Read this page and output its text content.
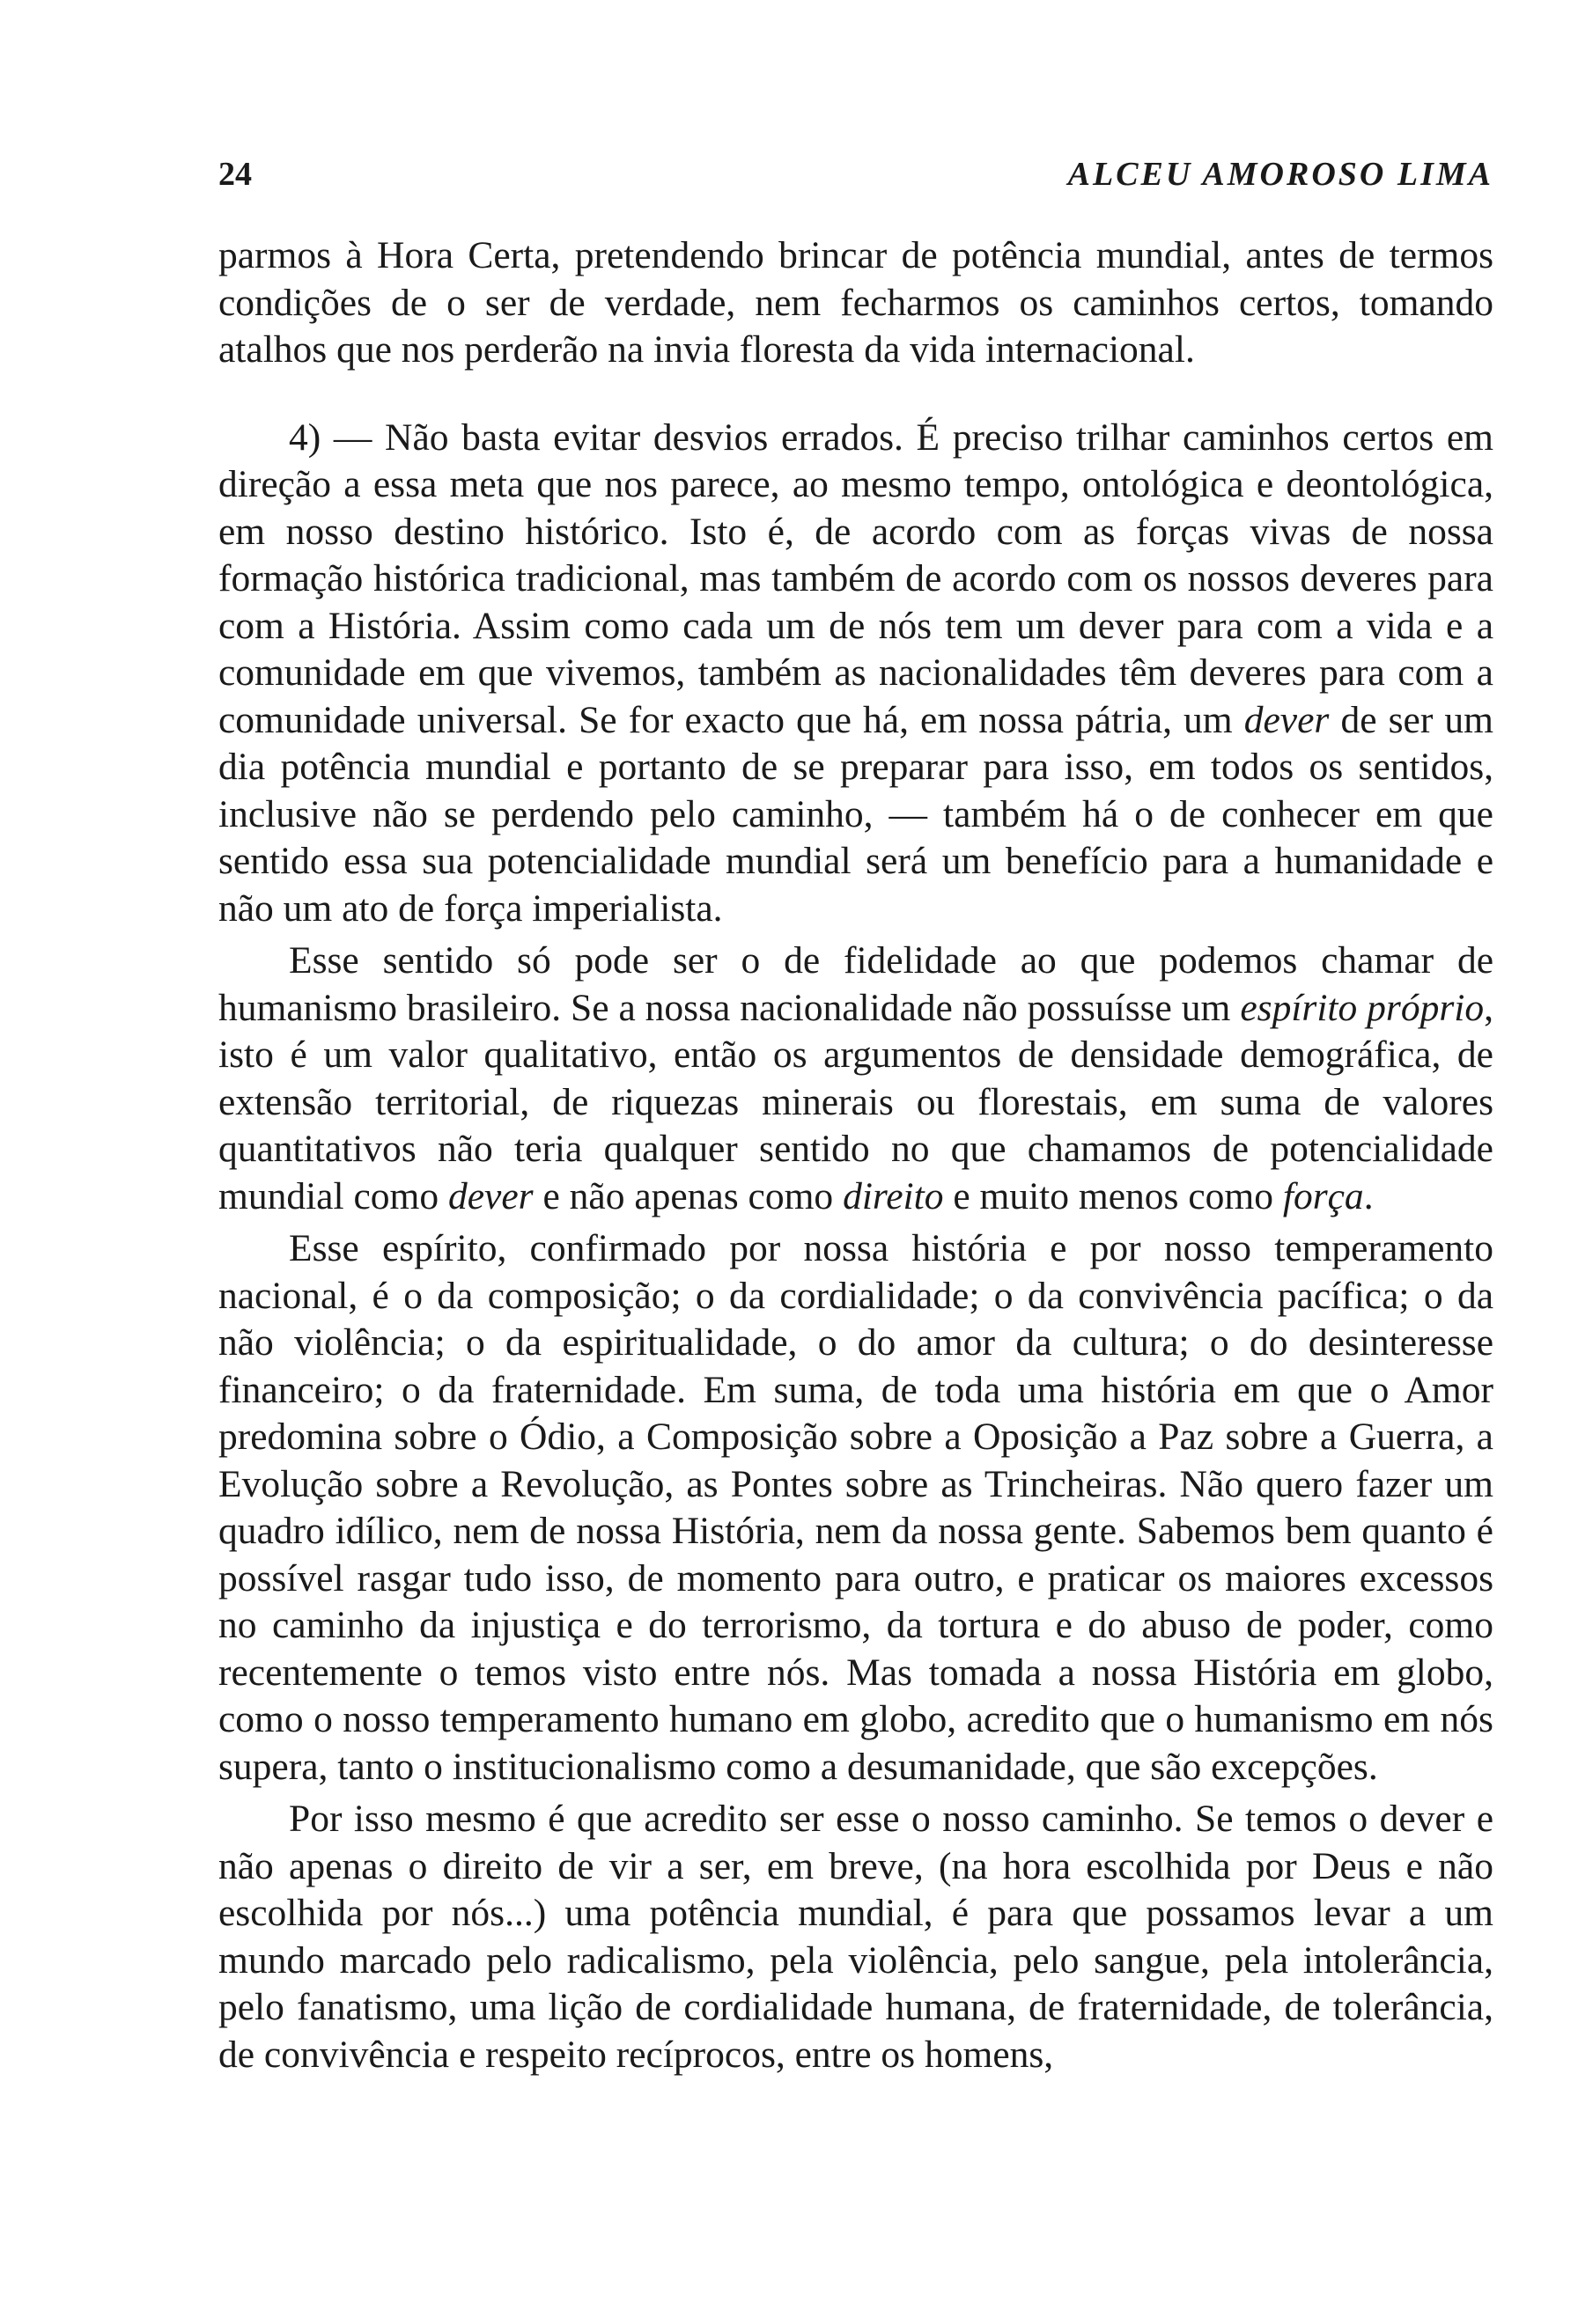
24	ALCEU AMOROSO LIMA

parmos à Hora Certa, pretendendo brincar de potência mundial, antes de termos condições de o ser de verdade, nem fecharmos os caminhos certos, tomando atalhos que nos perderão na invia floresta da vida internacional.

4) — Não basta evitar desvios errados. É preciso trilhar caminhos certos em direção a essa meta que nos parece, ao mesmo tempo, ontológica e deontológica, em nosso destino histórico. Isto é, de acordo com as forças vivas de nossa formação histórica tradicional, mas também de acordo com os nossos deveres para com a História. Assim como cada um de nós tem um dever para com a vida e a comunidade em que vivemos, também as nacionalidades têm deveres para com a comunidade universal. Se for exacto que há, em nossa pátria, um dever de ser um dia potência mundial e portanto de se preparar para isso, em todos os sentidos, inclusive não se perdendo pelo caminho, — também há o de conhecer em que sentido essa sua potencialidade mundial será um benefício para a humanidade e não um ato de força imperialista.

Esse sentido só pode ser o de fidelidade ao que podemos chamar de humanismo brasileiro. Se a nossa nacionalidade não possuísse um espírito próprio, isto é um valor qualitativo, então os argumentos de densidade demográfica, de extensão territorial, de riquezas minerais ou florestais, em suma de valores quantitativos não teria qualquer sentido no que chamamos de potencialidade mundial como dever e não apenas como direito e muito menos como força.

Esse espírito, confirmado por nossa história e por nosso temperamento nacional, é o da composição; o da cordialidade; o da convivência pacífica; o da não violência; o da espiritualidade, o do amor da cultura; o do desinteresse financeiro; o da fraternidade. Em suma, de toda uma história em que o Amor predomina sobre o Ódio, a Composição sobre a Oposição a Paz sobre a Guerra, a Evolução sobre a Revolução, as Pontes sobre as Trincheiras. Não quero fazer um quadro idílico, nem de nossa História, nem da nossa gente. Sabemos bem quanto é possível rasgar tudo isso, de momento para outro, e praticar os maiores excessos no caminho da injustiça e do terrorismo, da tortura e do abuso de poder, como recentemente o temos visto entre nós. Mas tomada a nossa História em globo, como o nosso temperamento humano em globo, acredito que o humanismo em nós supera, tanto o institucionalismo como a desumanidade, que são excepções.

Por isso mesmo é que acredito ser esse o nosso caminho. Se temos o dever e não apenas o direito de vir a ser, em breve, (na hora escolhida por Deus e não escolhida por nós...) uma potência mundial, é para que possamos levar a um mundo marcado pelo radicalismo, pela violência, pelo sangue, pela intolerância, pelo fanatismo, uma lição de cordialidade humana, de fraternidade, de tolerância, de convivência e respeito recíprocos, entre os homens,
